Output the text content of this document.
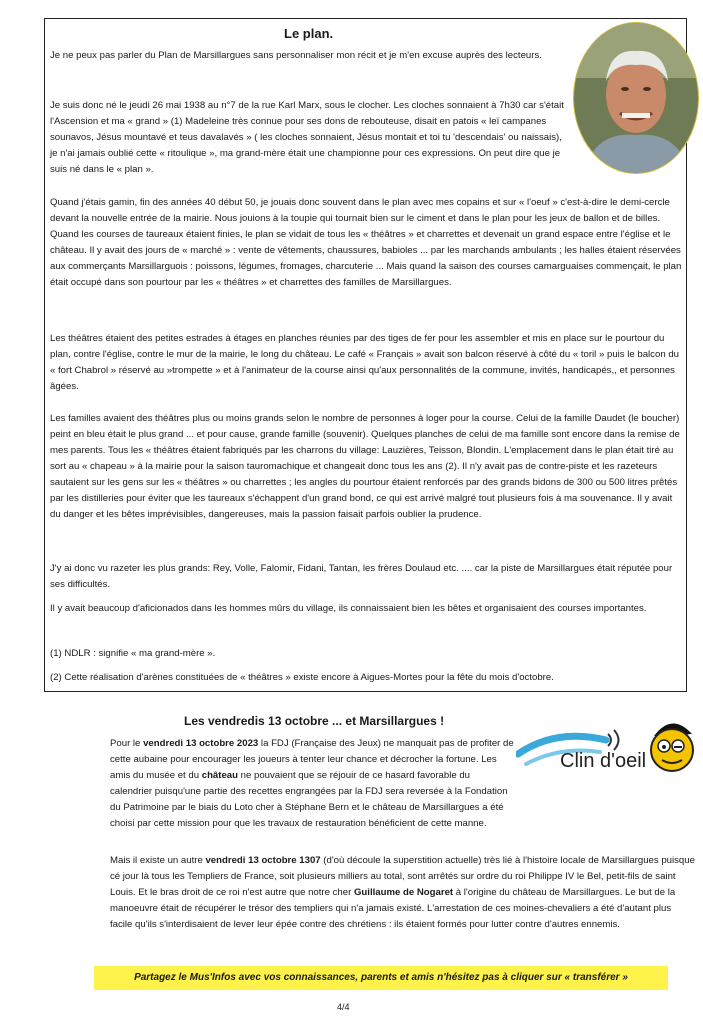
Le plan.

Je ne peux pas parler du Plan de Marsillargues sans personnaliser mon récit et je m'en excuse auprès des lecteurs.

Je suis donc né le jeudi 26 mai 1938 au n°7 de la rue Karl Marx, sous le clocher. Les cloches sonnaient à 7h30 car s'était l'Ascension et ma « grand » (1) Madeleine très connue pour ses dons de rebouteuse, disait en patois « leï campanes sounavos, Jésus mountavé et teus davalavés » ( les cloches sonnaient, Jésus montait et toi tu 'descendais' ou naissais), je n'ai jamais oublié cette « ritoulique », ma grand-mère était une championne pour ces expressions. On peut dire que je suis né dans le « plan ».

Quand j'étais gamin, fin des années 40 début 50, je jouais donc souvent dans le plan avec mes copains et sur « l'oeuf » c'est-à-dire le demi-cercle devant la nouvelle entrée de la mairie. Nous jouions à la toupie qui tournait bien sur le ciment et dans le plan pour les jeux de ballon et de billes. Quand les courses de taureaux étaient finies, le plan se vidait de tous les « théâtres » et charrettes et devenait un grand espace entre l'église et le château. Il y avait des jours de « marché » : vente de vêtements, chaussures, babioles ... par les marchands ambulants ; les halles étaient réservées aux commerçants Marsillarguois : poissons, légumes, fromages, charcuterie ... Mais quand la saison des courses camarguaises commençait, le plan était occupé dans son pourtour par les « théâtres » et charrettes des familles de Marsillargues.

Les théâtres étaient des petites estrades à étages en planches réunies par des tiges de fer pour les assembler et mis en place sur le pourtour du plan, contre l'église, contre le mur de la mairie, le long du château. Le café « Français » avait son balcon réservé à côté du « toril » puis le balcon du « fort Chabrol » réservé au »trompette » et à l'animateur de la course ainsi qu'aux personnalités de la commune, invités, handicapés,, et personnes âgées.

Les familles avaient des théâtres plus ou moins grands selon le nombre de personnes à loger pour la course. Celui de la famille Daudet (le boucher) peint en bleu était le plus grand ... et pour cause, grande famille (souvenir). Quelques planches de celui de ma famille sont encore dans la remise de mes parents. Tous les « théâtres étaient fabriqués par les charrons du village: Lauzières, Teisson, Blondin. L'emplacement dans le plan était tiré au sort au « chapeau » à la mairie pour la saison tauromachique et changeait donc tous les ans (2). Il n'y avait pas de contre-piste et les razeteurs sautaient sur les gens sur les « théâtres » ou charrettes ; les angles du pourtour étaient renforcés par des grands bidons de 300 ou 500 litres prêtés par les distilleries pour éviter que les taureaux s'échappent d'un grand bond, ce qui est arrivé malgré tout plusieurs fois à ma souvenance. Il y avait du danger et les bêtes imprévisibles, dangereuses, mais la passion faisait parfois oublier la prudence.

J'y ai donc vu razeter les plus grands: Rey, Volle, Falomir, Fidani, Tantan, les frères Doulaud etc. .... car la piste de Marsillargues était réputée pour ses difficultés.

Il y avait beaucoup d'aficionados dans les hommes mûrs du village, ils connaissaient bien les bêtes et organisaient des courses importantes.

(1) NDLR : signifie « ma grand-mère ».

(2) Cette réalisation d'arènes constituées de « théâtres » existe encore à Aigues-Mortes pour la fête du mois d'octobre.

Les vendredis 13 octobre ... et Marsillargues !
Clin d'oeil

Pour le vendredi 13 octobre 2023 la FDJ (Française des Jeux) ne manquait pas de profiter de cette aubaine pour encourager les joueurs à tenter leur chance et décrocher la fortune. Les amis du musée et du château ne pouvaient que se réjouir de ce hasard favorable du calendrier puisqu'une partie des recettes engrangées par la FDJ sera reversée à la Fondation du Patrimoine par le biais du Loto cher à Stéphane Bern et le château de Marsillargues a été choisi par cette mission pour que les travaux de restauration bénéficient de cette manne.

Mais il existe un autre vendredi 13 octobre 1307 (d'où découle la superstition actuelle) très lié à l'histoire locale de Marsillargues puisque cé jour là tous les Templiers de France, soit plusieurs milliers au total, sont arrêtés sur ordre du roi Philippe IV le Bel, petit-fils de saint Louis. Et le bras droit de ce roi n'est autre que notre cher Guillaume de Nogaret à l'origine du château de Marsillargues. Le but de la manoeuvre était de récupérer le trésor des templiers qui n'a jamais existé. L'arrestation de ces moines-chevaliers a été d'autant plus facile qu'ils s'interdisaient de lever leur épée contre des chrétiens : ils étaient formés pour lutter contre d'autres ennemis.

Partagez le Mus'Infos avec vos connaissances, parents et amis n'hésitez pas à cliquer sur « transférer »
4/4
